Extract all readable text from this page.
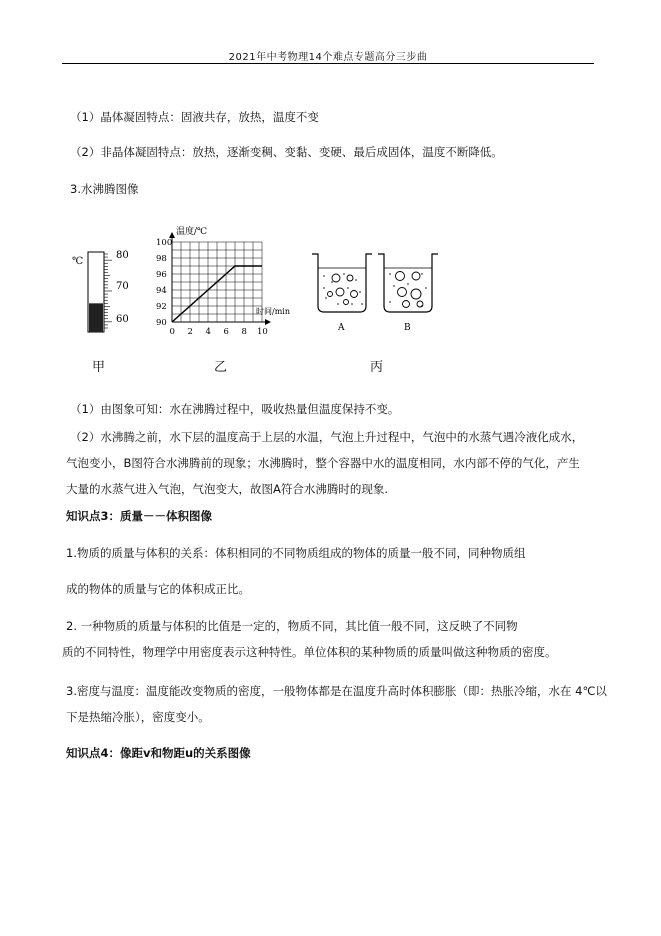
2021年中考物理14个难点专题高分三步曲
（1）晶体凝固特点：固液共存，放热，温度不变
（2）非晶体凝固特点：放热，逐渐变稠、变黏、变硬、最后成固体，温度不断降低。
3.水沸腾图像
℃
80
70
60
温度/℃
时间/min
90
92
94
96
98
100
0 2 4 6 8 10	A	B
甲	乙	丙
（1）由图象可知：水在沸腾过程中，吸收热量但温度保持不变。
（2）水沸腾之前，水下层的温度高于上层的水温，气泡上升过程中，气泡中的水蒸气遇冷液化成水，
气泡变小，B图符合水沸腾前的现象；水沸腾时，整个容器中水的温度相同，水内部不停的气化，产生
大量的水蒸气进入气泡，气泡变大，故图A符合水沸腾时的现象.
知识点3：质量－－体积图像
1.物质的质量与体积的关系：体积相同的不同物质组成的物体的质量一般不同，同种物质组
成的物体的质量与它的体积成正比。
2. 一种物质的质量与体积的比值是一定的，物质不同，其比值一般不同，这反映了不同物
质的不同特性，物理学中用密度表示这种特性。单位体积的某种物质的质量叫做这种物质的密度。
3.密度与温度：温度能改变物质的密度，一般物体都是在温度升高时体积膨胀（即：热胀冷缩，水在 4℃以
下是热缩冷胀），密度变小。
知识点4：像距v和物距u的关系图像
